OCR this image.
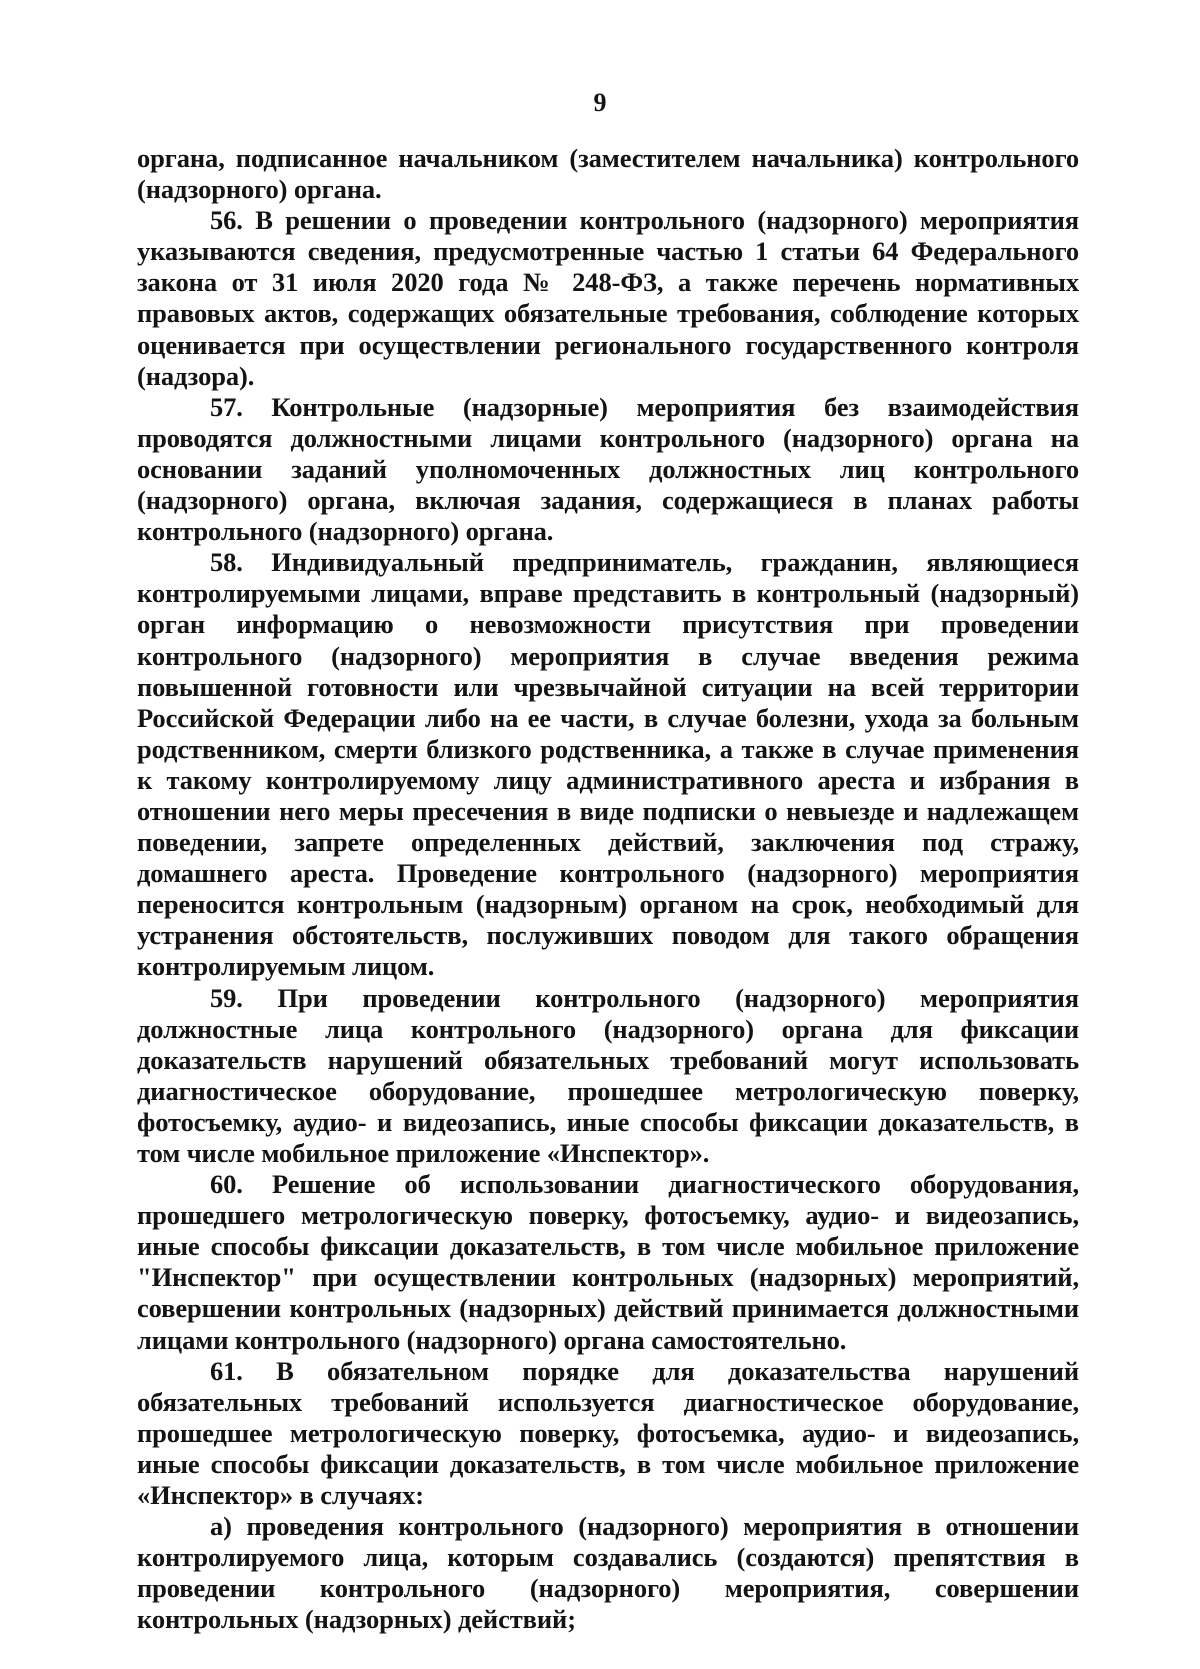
9

органа, подписанное начальником (заместителем начальника) контрольного (надзорного) органа.

56. В решении о проведении контрольного (надзорного) мероприятия указываются сведения, предусмотренные частью 1 статьи 64 Федерального закона от 31 июля 2020 года № 248-ФЗ, а также перечень нормативных правовых актов, содержащих обязательные требования, соблюдение которых оценивается при осуществлении регионального государственного контроля (надзора).

57. Контрольные (надзорные) мероприятия без взаимодействия проводятся должностными лицами контрольного (надзорного) органа на основании заданий уполномоченных должностных лиц контрольного (надзорного) органа, включая задания, содержащиеся в планах работы контрольного (надзорного) органа.

58. Индивидуальный предприниматель, гражданин, являющиеся контролируемыми лицами, вправе представить в контрольный (надзорный) орган информацию о невозможности присутствия при проведении контрольного (надзорного) мероприятия в случае введения режима повышенной готовности или чрезвычайной ситуации на всей территории Российской Федерации либо на ее части, в случае болезни, ухода за больным родственником, смерти близкого родственника, а также в случае применения к такому контролируемому лицу административного ареста и избрания в отношении него меры пресечения в виде подписки о невыезде и надлежащем поведении, запрете определенных действий, заключения под стражу, домашнего ареста. Проведение контрольного (надзорного) мероприятия переносится контрольным (надзорным) органом на срок, необходимый для устранения обстоятельств, послуживших поводом для такого обращения контролируемым лицом.

59. При проведении контрольного (надзорного) мероприятия должностные лица контрольного (надзорного) органа для фиксации доказательств нарушений обязательных требований могут использовать диагностическое оборудование, прошедшее метрологическую поверку, фотосъемку, аудио- и видеозапись, иные способы фиксации доказательств, в том числе мобильное приложение «Инспектор».

60. Решение об использовании диагностического оборудования, прошедшего метрологическую поверку, фотосъемку, аудио- и видеозапись, иные способы фиксации доказательств, в том числе мобильное приложение "Инспектор" при осуществлении контрольных (надзорных) мероприятий, совершении контрольных (надзорных) действий принимается должностными лицами контрольного (надзорного) органа самостоятельно.

61. В обязательном порядке для доказательства нарушений обязательных требований используется диагностическое оборудование, прошедшее метрологическую поверку, фотосъемка, аудио- и видеозапись, иные способы фиксации доказательств, в том числе мобильное приложение «Инспектор» в случаях:

а) проведения контрольного (надзорного) мероприятия в отношении контролируемого лица, которым создавались (создаются) препятствия в проведении контрольного (надзорного) мероприятия, совершении контрольных (надзорных) действий;
